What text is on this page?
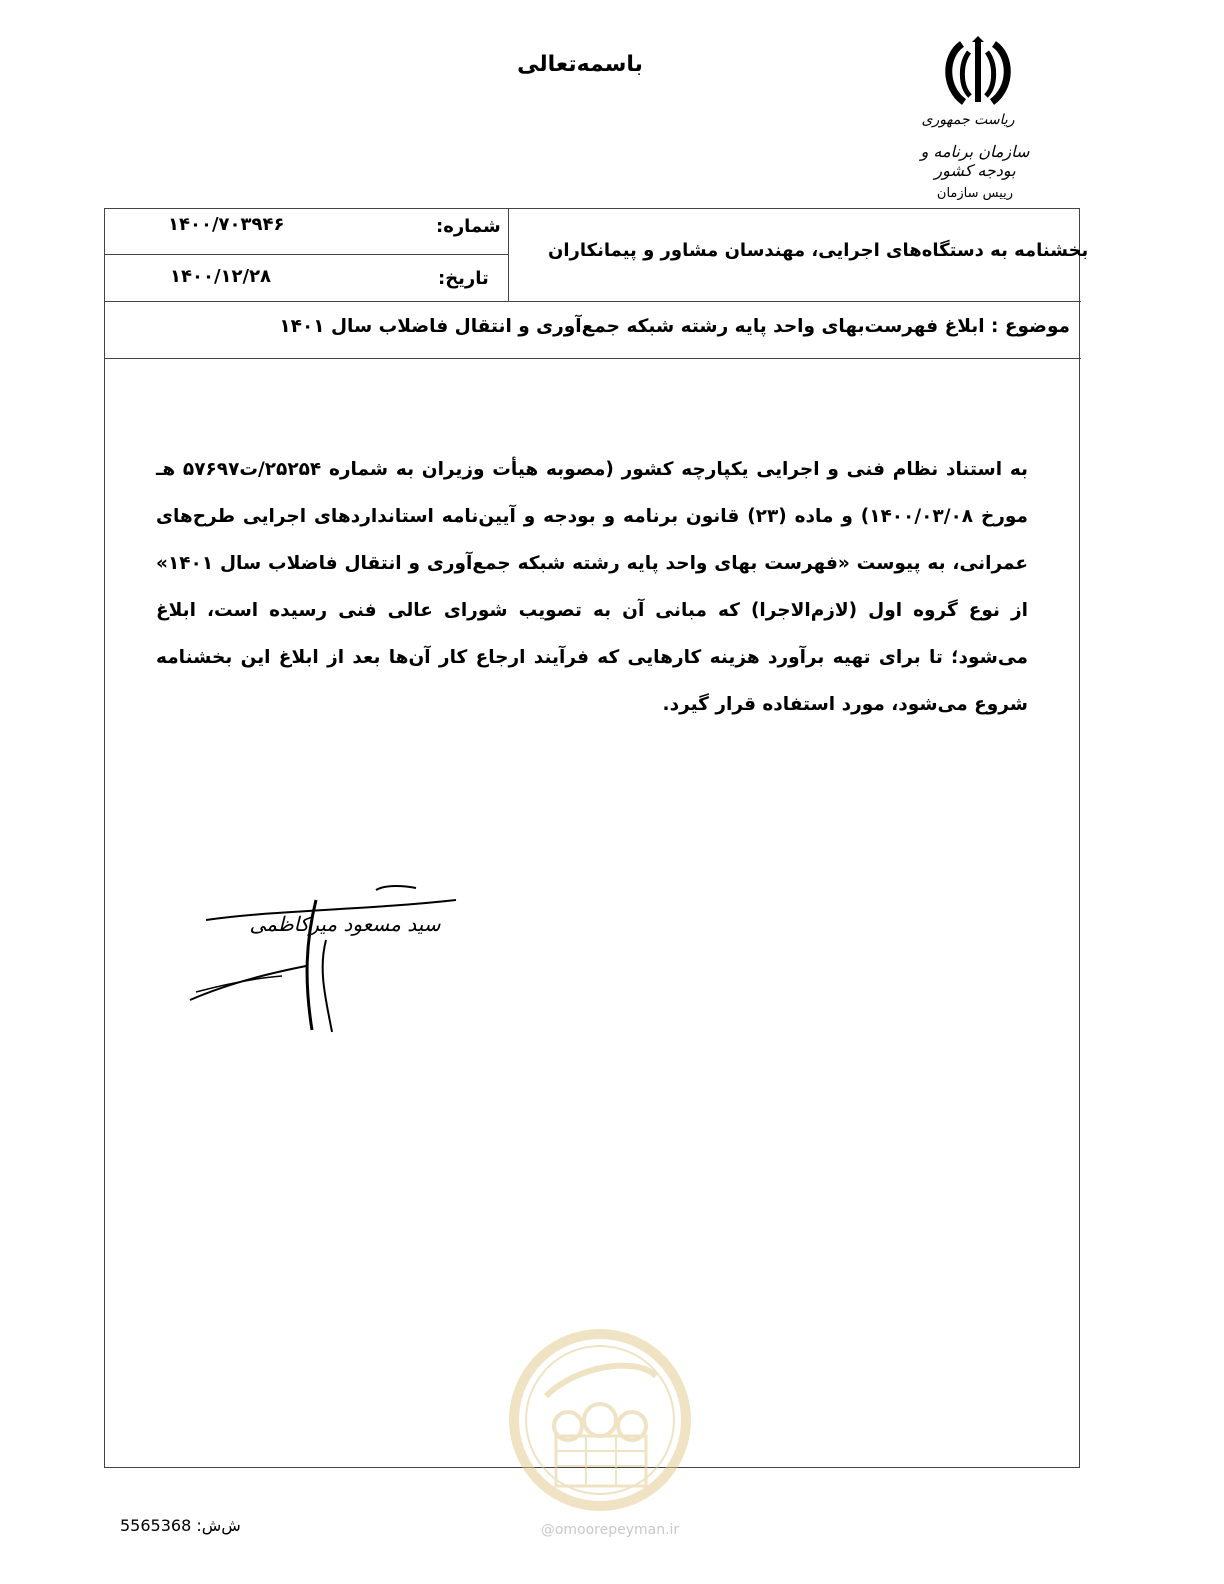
باسمه‌تعالی
ریاست جمهوری
سازمان برنامه و بودجه کشور
رییس سازمان
شماره:
۱۴۰۰/۷۰۳۹۴۶
تاریخ:
۱۴۰۰/۱۲/۲۸
بخشنامه به دستگاه‌های اجرایی، مهندسان مشاور و پیمانکاران
موضوع : ابلاغ فهرست‌بهای واحد پایه رشته شبکه جمع‌آوری و انتقال فاضلاب سال ۱۴۰۱
به استناد نظام فنی و اجرایی یکپارچه کشور (مصوبه هیأت وزیران به شماره ۲۵۲۵۴/ت۵۷۶۹۷ هـ مورخ ۱۴۰۰/۰۳/۰۸) و ماده (۲۳) قانون برنامه و بودجه و آیین‌نامه استانداردهای اجرایی طرح‌های عمرانی، به پیوست «فهرست بهای واحد پایه رشته شبکه جمع‌آوری و انتقال فاضلاب سال ۱۴۰۱» از نوع گروه اول (لازم‌الاجرا) که مبانی آن به تصویب شورای عالی فنی رسیده است، ابلاغ می‌شود؛ تا برای تهیه برآورد هزینه کارهایی که فرآیند ارجاع کار آن‌ها بعد از ابلاغ این بخشنامه شروع می‌شود، مورد استفاده قرار گیرد.
سید مسعود میرکاظمی
@omoorepeyman.ir
ش‌ش: 5565368
